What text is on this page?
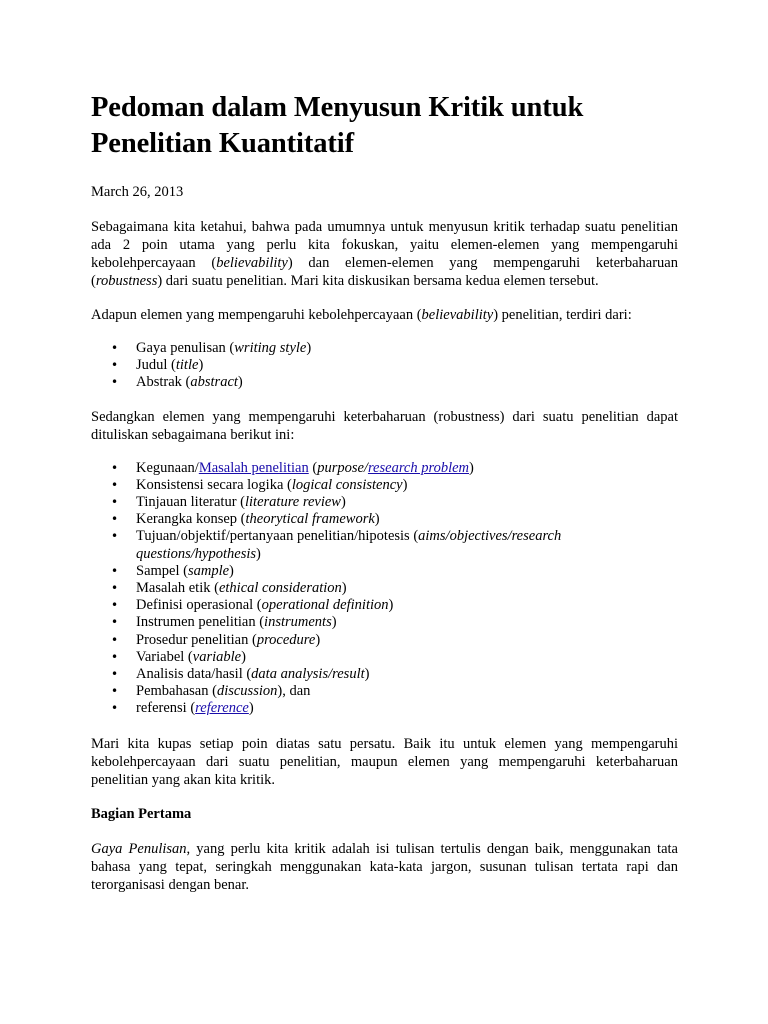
Pedoman dalam Menyusun Kritik untuk Penelitian Kuantitatif
March 26, 2013

Sebagaimana kita ketahui, bahwa pada umumnya untuk menyusun kritik terhadap suatu penelitian ada 2 poin utama yang perlu kita fokuskan, yaitu elemen-elemen yang mempengaruhi kebolehpercayaan (believability) dan elemen-elemen yang mempengaruhi keterbaharuan (robustness) dari suatu penelitian. Mari kita diskusikan bersama kedua elemen tersebut.

Adapun elemen yang mempengaruhi kebolehpercayaan (believability) penelitian, terdiri dari:

• Gaya penulisan (writing style)
• Judul (title)
• Abstrak (abstract)

Sedangkan elemen yang mempengaruhi keterbaharuan (robustness) dari suatu penelitian dapat dituliskan sebagaimana berikut ini:

• Kegunaan/Masalah penelitian (purpose/research problem)
• Konsistensi secara logika (logical consistency)
• Tinjauan literatur (literature review)
• Kerangka konsep (theorytical framework)
• Tujuan/objektif/pertanyaan penelitian/hipotesis (aims/objectives/research questions/hypothesis)
• Sampel (sample)
• Masalah etik (ethical consideration)
• Definisi operasional (operational definition)
• Instrumen penelitian (instruments)
• Prosedur penelitian (procedure)
• Variabel (variable)
• Analisis data/hasil (data analysis/result)
• Pembahasan (discussion), dan
• referensi (reference)

Mari kita kupas setiap poin diatas satu persatu. Baik itu untuk elemen yang mempengaruhi kebolehpercayaan dari suatu penelitian, maupun elemen yang mempengaruhi keterbaharuan penelitian yang akan kita kritik.

Bagian Pertama

Gaya Penulisan, yang perlu kita kritik adalah isi tulisan tertulis dengan baik, menggunakan tata bahasa yang tepat, seringkah menggunakan kata-kata jargon, susunan tulisan tertata rapi dan terorganisasi dengan benar.
